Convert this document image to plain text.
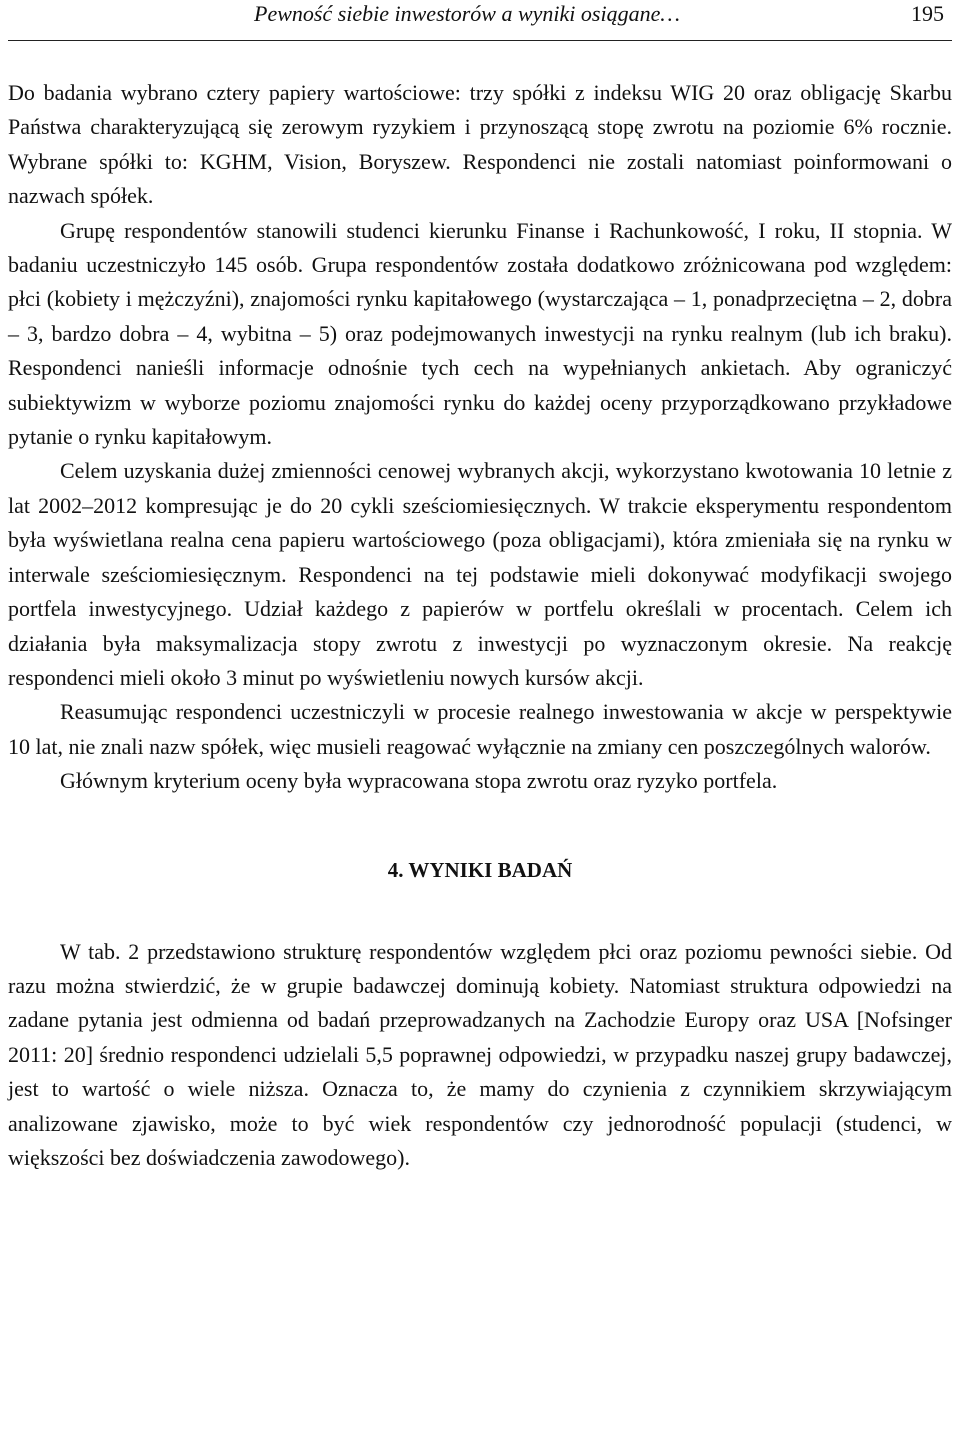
Pewność siebie inwestorów a wyniki osiągane…	195

Do badania wybrano cztery papiery wartościowe: trzy spółki z indeksu WIG 20 oraz obligację Skarbu Państwa charakteryzującą się zerowym ryzykiem i przynoszącą stopę zwrotu na poziomie 6% rocznie. Wybrane spółki to: KGHM, Vision, Boryszew. Respondenci nie zostali natomiast poinformowani o nazwach spółek.

Grupę respondentów stanowili studenci kierunku Finanse i Rachunkowość, I roku, II stopnia. W badaniu uczestniczyło 145 osób. Grupa respondentów została dodatkowo zróżnicowana pod względem: płci (kobiety i mężczyźni), znajomości rynku kapitałowego (wystarczająca – 1, ponadprzeciętna – 2, dobra – 3, bardzo dobra – 4, wybitna – 5) oraz podejmowanych inwestycji na rynku realnym (lub ich braku). Respondenci nanieśli informacje odnośnie tych cech na wypełnianych ankietach. Aby ograniczyć subiektywizm w wyborze poziomu znajomości rynku do każdej oceny przyporządkowano przykładowe pytanie o rynku kapitałowym.

Celem uzyskania dużej zmienności cenowej wybranych akcji, wykorzystano kwotowania 10 letnie z lat 2002–2012 kompresując je do 20 cykli sześciomiesięcznych. W trakcie eksperymentu respondentom była wyświetlana realna cena papieru wartościowego (poza obligacjami), która zmieniała się na rynku w interwale sześciomiesięcznym. Respondenci na tej podstawie mieli dokonywać modyfikacji swojego portfela inwestycyjnego. Udział każdego z papierów w portfelu określali w procentach. Celem ich działania była maksymalizacja stopy zwrotu z inwestycji po wyznaczonym okresie. Na reakcję respondenci mieli około 3 minut po wyświetleniu nowych kursów akcji.

Reasumując respondenci uczestniczyli w procesie realnego inwestowania w akcje w perspektywie 10 lat, nie znali nazw spółek, więc musieli reagować wyłącznie na zmiany cen poszczególnych walorów.

Głównym kryterium oceny była wypracowana stopa zwrotu oraz ryzyko portfela.

4. WYNIKI BADAŃ

W tab. 2 przedstawiono strukturę respondentów względem płci oraz poziomu pewności siebie. Od razu można stwierdzić, że w grupie badawczej dominują kobiety. Natomiast struktura odpowiedzi na zadane pytania jest odmienna od badań przeprowadzanych na Zachodzie Europy oraz USA [Nofsinger 2011: 20] średnio respondenci udzielali 5,5 poprawnej odpowiedzi, w przypadku naszej grupy badawczej, jest to wartość o wiele niższa. Oznacza to, że mamy do czynienia z czynnikiem skrzywiającym analizowane zjawisko, może to być wiek respondentów czy jednorodność populacji (studenci, w większości bez doświadczenia zawodowego).
